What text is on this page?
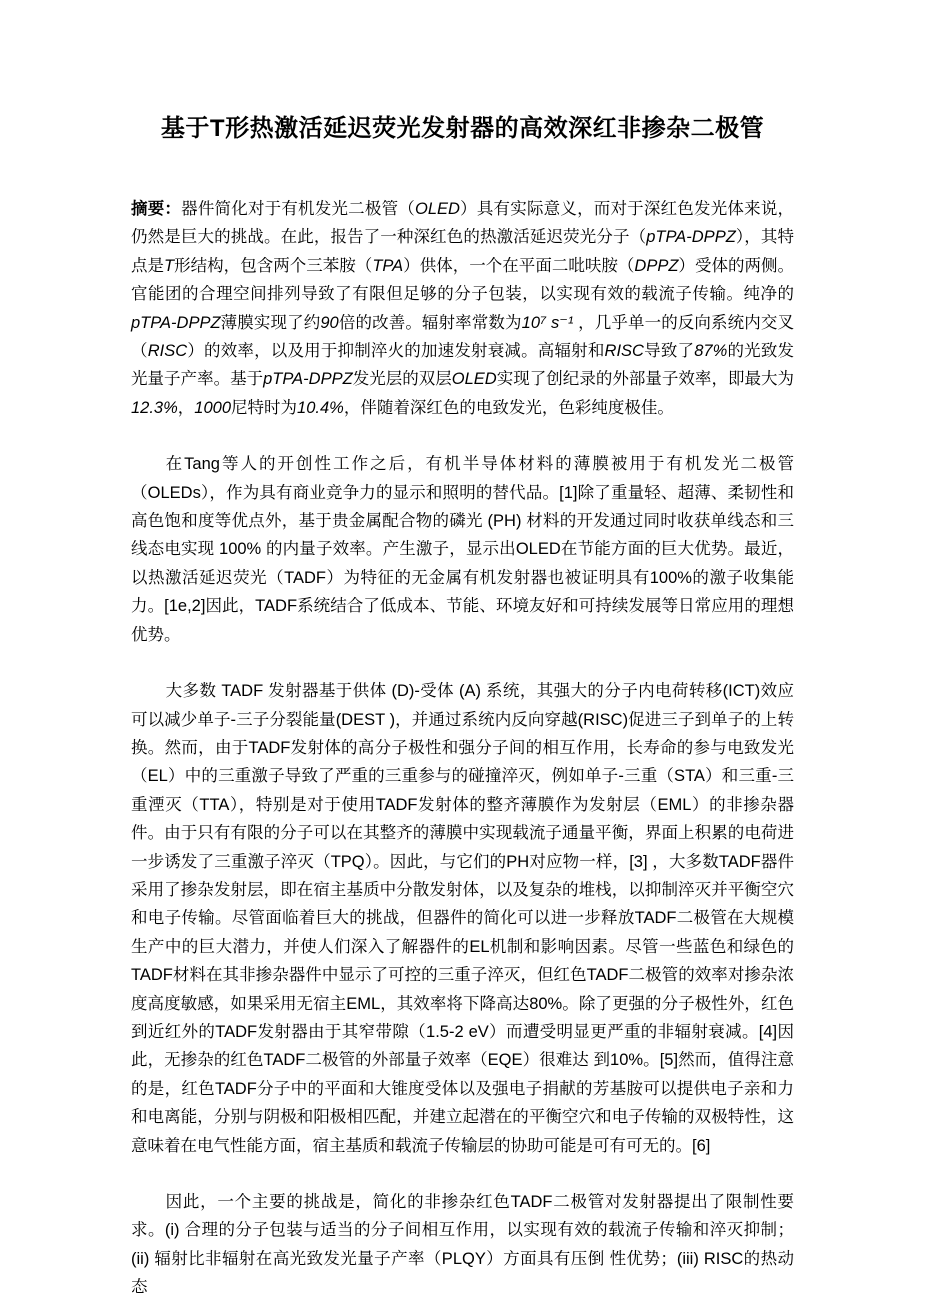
基于T形热激活延迟荧光发射器的高效深红非掺杂二极管

摘要：器件简化对于有机发光二极管（OLED）具有实际意义，而对于深红色发光体来说，仍然是巨大的挑战。在此，报告了一种深红色的热激活延迟荧光分子（pTPA-DPPZ），其特点是T形结构，包含两个三苯胺（TPA）供体，一个在平面二吡呋胺（DPPZ）受体的两侧。官能团的合理空间排列导致了有限但足够的分子包装，以实现有效的载流子传输。纯净的pTPA-DPPZ薄膜实现了约90倍的改善。辐射率常数为10⁷ s⁻¹ ，几乎单一的反向系统内交叉（RISC）的效率，以及用于抑制淬火的加速发射衰减。高辐射和RISC导致了87%的光致发光量子产率。基于pTPA-DPPZ发光层的双层OLED实现了创纪录的外部量子效率，即最大为12.3%，1000尼特时为10.4%，伴随着深红色的电致发光，色彩纯度极佳。

在Tang等人的开创性工作之后，有机半导体材料的薄膜被用于有机发光二极管（OLEDs），作为具有商业竞争力的显示和照明的替代品。[1]除了重量轻、超薄、柔韧性和高色饱和度等优点外，基于贵金属配合物的磷光 (PH) 材料的开发通过同时收获单线态和三线态电实现 100% 的内量子效率。产生激子，显示出OLED在节能方面的巨大优势。最近，以热激活延迟荧光（TADF）为特征的无金属有机发射器也被证明具有100%的激子收集能力。[1e,2]因此，TADF系统结合了低成本、节能、环境友好和可持续发展等日常应用的理想优势。

大多数 TADF 发射器基于供体 (D)-受体 (A) 系统，其强大的分子内电荷转移(ICT)效应可以减少单子-三子分裂能量(DEST )，并通过系统内反向穿越(RISC)促进三子到单子的上转换。然而，由于TADF发射体的高分子极性和强分子间的相互作用，长寿命的参与电致发光（EL）中的三重激子导致了严重的三重参与的碰撞淬灭，例如单子-三重（STA）和三重-三重湮灭（TTA），特别是对于使用TADF发射体的整齐薄膜作为发射层（EML）的非掺杂器件。由于只有有限的分子可以在其整齐的薄膜中实现载流子通量平衡，界面上积累的电荷进一步诱发了三重激子淬灭（TPQ）。因此，与它们的PH对应物一样，[3] ，大多数TADF器件采用了掺杂发射层，即在宿主基质中分散发射体，以及复杂的堆栈，以抑制淬灭并平衡空穴和电子传输。尽管面临着巨大的挑战，但器件的简化可以进一步释放TADF二极管在大规模生产中的巨大潜力，并使人们深入了解器件的EL机制和影响因素。尽管一些蓝色和绿色的TADF材料在其非掺杂器件中显示了可控的三重子淬灭，但红色TADF二极管的效率对掺杂浓度高度敏感，如果采用无宿主EML，其效率将下降高达80%。除了更强的分子极性外，红色到近红外的TADF发射器由于其窄带隙（1.5-2 eV）而遭受明显更严重的非辐射衰减。[4]因此，无掺杂的红色TADF二极管的外部量子效率（EQE）很难达 到10%。[5]然而，值得注意的是，红色TADF分子中的平面和大锥度受体以及强电子捐献的芳基胺可以提供电子亲和力和电离能，分别与阴极和阳极相匹配，并建立起潜在的平衡空穴和电子传输的双极特性，这意味着在电气性能方面，宿主基质和载流子传输层的协助可能是可有可无的。[6]

因此，一个主要的挑战是，简化的非掺杂红色TADF二极管对发射器提出了限制性要求。(i) 合理的分子包装与适当的分子间相互作用，以实现有效的载流子传输和淬灭抑制；(ii) 辐射比非辐射在高光致发光量子产率（PLQY）方面具有压倒 性优势；(iii) RISC的热动态
